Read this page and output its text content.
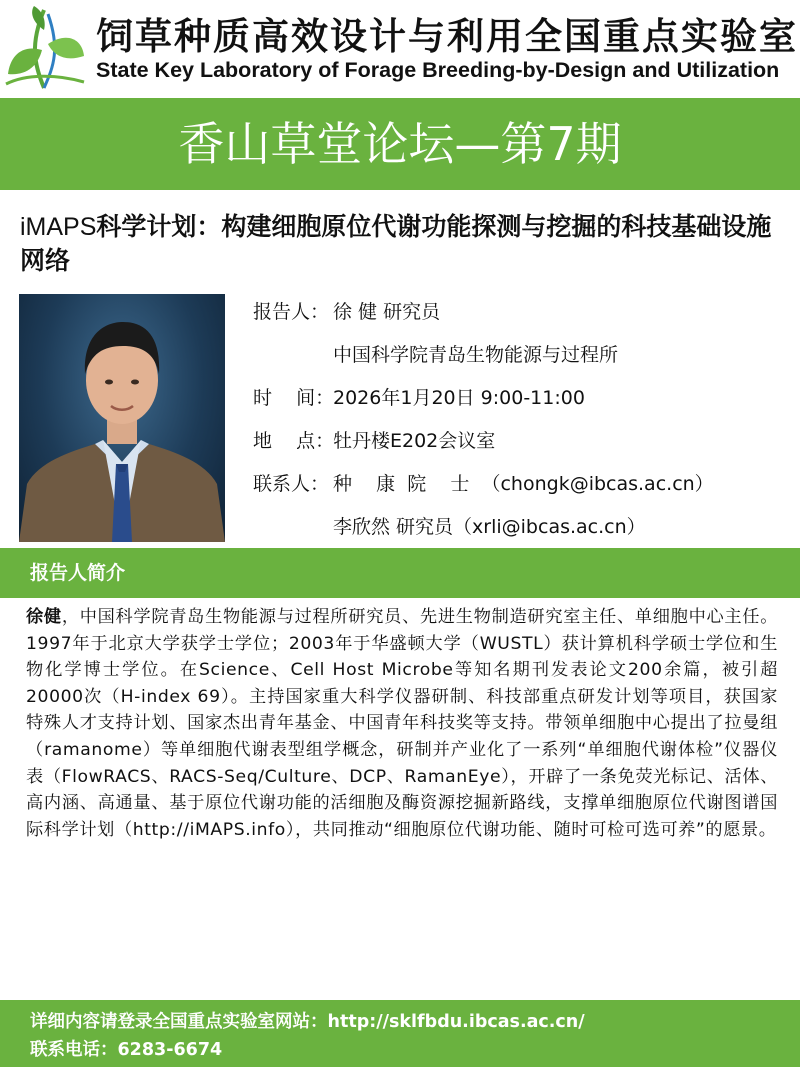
饲草种质高效设计与利用全国重点实验室
State Key Laboratory of Forage Breeding-by-Design and Utilization
香山草堂论坛—第7期
iMAPS科学计划：构建细胞原位代谢功能探测与挖掘的科技基础设施网络
报告人： 徐 健 研究员
中国科学院青岛生物能源与过程所
时    间：2026年1月20日 9:00-11:00
地    点：牡丹楼E202会议室
联系人： 种    康  院    士  （chongk@ibcas.ac.cn）
李欣然 研究员（xrli@ibcas.ac.cn）
报告人简介
徐健，中国科学院青岛生物能源与过程所研究员、先进生物制造研究室主任、单细胞中心主任。1997年于北京大学获学士学位；2003年于华盛顿大学（WUSTL）获计算机科学硕士学位和生物化学博士学位。在Science、Cell Host Microbe等知名期刊发表论文200余篇，被引超20000次（H-index 69）。主持国家重大科学仪器研制、科技部重点研发计划等项目，获国家特殊人才支持计划、国家杰出青年基金、中国青年科技奖等支持。带领单细胞中心提出了拉曼组（ramanome）等单细胞代谢表型组学概念，研制并产业化了一系列“单细胞代谢体检”仪器仪表（FlowRACS、RACS-Seq/Culture、DCP、RamanEye），开辟了一条免荧光标记、活体、高内涵、高通量、基于原位代谢功能的活细胞及酶资源挖掘新路线，支撑单细胞原位代谢图谱国际科学计划（http://iMAPS.info），共同推动“细胞原位代谢功能、随时可检可选可养”的愿景。
详细内容请登录全国重点实验室网站：http://sklfbdu.ibcas.ac.cn/
联系电话：6283-6674
